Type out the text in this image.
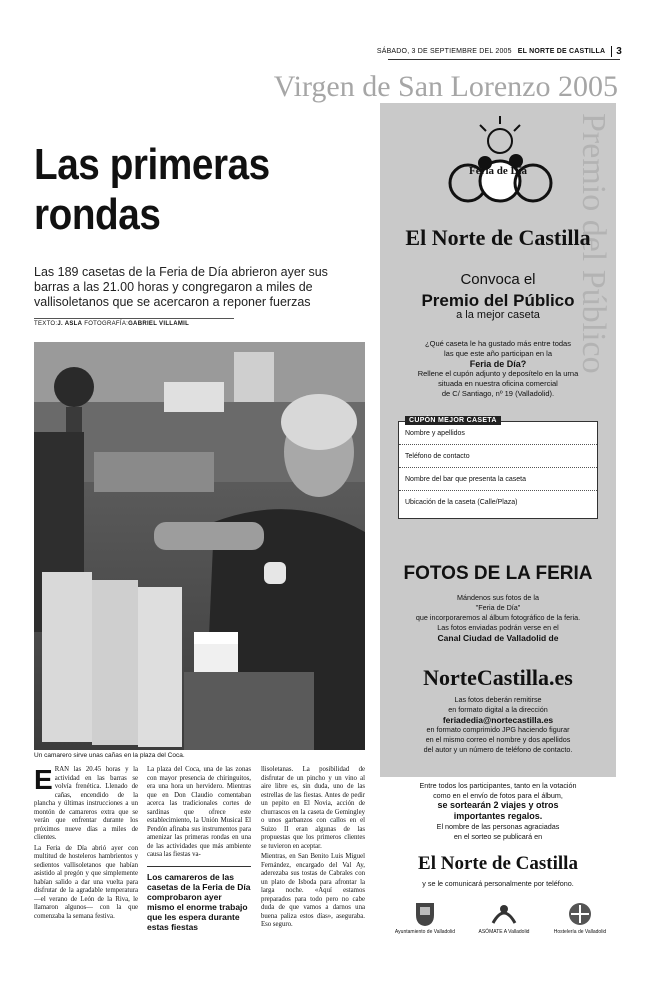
SÁBADO, 3 DE SEPTIEMBRE DEL 2005 EL NORTE DE CASTILLA	3
Virgen de San Lorenzo 2005
Las primeras
rondas
Las 189 casetas de la Feria de Día abrieron ayer sus barras a las 21.00 horas y congregaron a miles de vallisoletanos que se acercaron a reponer fuerzas
TEXTO:J. ASLA FOTOGRAFÍA:GABRIEL VILLAMIL
Un camarero sirve unas cañas en la plaza del Coca.

ERAN las 20.45 horas y la actividad en las barras se volvía frenética. Llenado de cañas, encendido de la plancha y últimas instrucciones a un montón de camareros extra que se verán que enfrentar durante los próximos nueve días a miles de clientes.

La Feria de Día abrió ayer con multitud de hosteleros hambrientos y sedientos vallisoletanos que habían asistido al pregón y que simplemente habían salido a dar una vuelta para disfrutar de la agradable temperatura —el verano de León de la Riva, le llamaron algunos— con la que comenzaba la semana festiva.

La plaza del Coca, una de las zonas con mayor presencia de chiringuitos, era una hora un hervidero. Mientras que en Don Claudio comentaban acerca las tradicionales cortes de sardinas que ofrece este establecimiento, la Unión Musical El Pendón afinaba sus instrumentos para amenizar las primeras rondas en una de las actividades que más ambiente causa las fiestas va-

Los camareros de las casetas de la Feria de Día comprobaron ayer mismo el enorme trabajo que les espera durante estas fiestas

llisoletanas. La posibilidad de disfrutar de un pincho y un vino al aire libre es, sin duda, uno de las estrellas de las fiestas. Antes de pedir un pepito en El Novia, acción de churrascos en la caseta de Gemingley o unos garbanzos con callos en el Suizo II eran algunas de las propuestas que los primeros clientes se tuvieron en aceptar.

Mientras, en San Benito Luis Miguel Fernández, encargado del Val Ay, aderezaba sus tostas de Cabrales con un plato de Isboda para afrontar la larga noche. «Aquí estamos preparados para todo pero no cabe duda de que vamos a darnos una buena paliza estos días», aseguraba. Eso seguro.

Premio del Público
Feria de Día
El Norte de Castilla
Convoca el
Premio del Público
a la mejor caseta
¿Qué caseta le ha gustado más entre todas
las que este año participan en la
Feria de Día?
Rellene el cupón adjunto y deposítelo en la urna
situada en nuestra oficina comercial
de C/ Santiago, nº 19 (Valladolid).
CUPÓN MEJOR CASETA
Nombre y apellidos
Teléfono de contacto
Nombre del bar que presenta la caseta
Ubicación de la caseta (Calle/Plaza)
FOTOS DE LA FERIA
Mándenos sus fotos de la
"Feria de Día"
que incorporaremos al álbum fotográfico de la feria.
Las fotos enviadas podrán verse en el
Canal Ciudad de Valladolid de
NorteCastilla.es
Las fotos deberán remitirse
en formato digital a la dirección
feriadedia@nortecastilla.es
en formato comprimido JPG haciendo figurar
en el mismo correo el nombre y dos apellidos
del autor y un número de teléfono de contacto.
Entre todos los participantes, tanto en la votación
como en el envío de fotos para el álbum,
se sortearán 2 viajes y otros
importantes regalos.
El nombre de las personas agraciadas
en el sorteo se publicará en
El Norte de Castilla
y se le comunicará personalmente por teléfono.
Ayuntamiento de Valladolid	ASÓMATE A Valladolid	Hostelería de Valladolid
